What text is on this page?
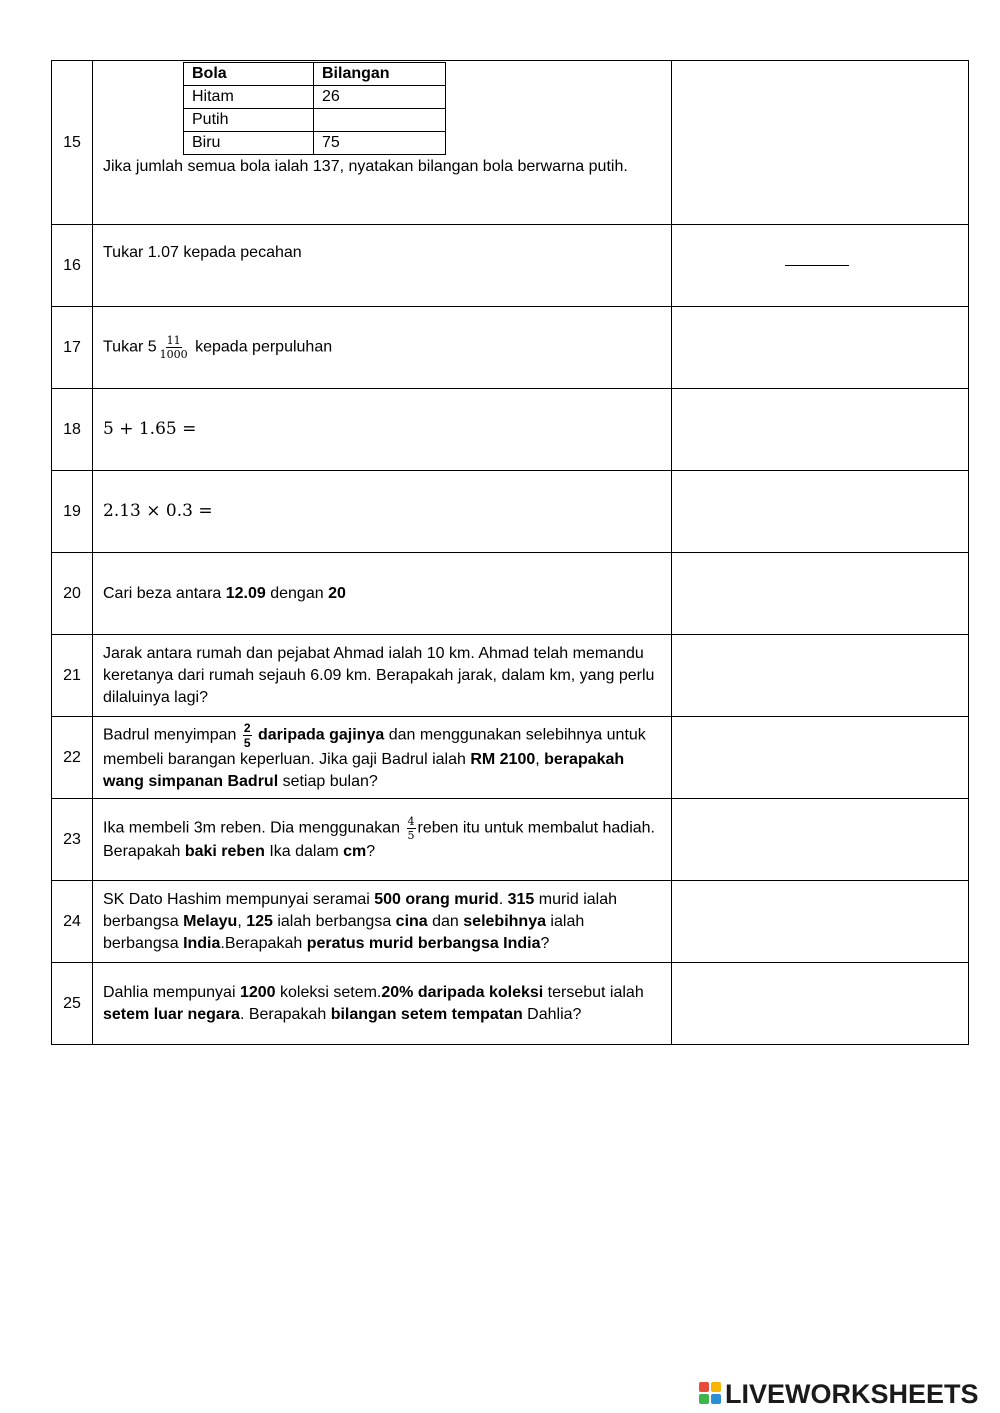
15	
Bola	Bilangan
Hitam	26
Putih	
Biru	75
Jika jumlah semua bola ialah 137, nyatakan bilangan bola berwarna putih.

16	Tukar 1.07 kepada pecahan	

17	Tukar $5 \frac{11}{1000}$ kepada perpuluhan	
18	5 + 1.65 =	
19	2.13 × 0.3 =	
20	Cari beza antara 12.09 dengan 20	
21	Jarak antara rumah dan pejabat Ahmad ialah 10 km. Ahmad telah memandu keretanya dari rumah sejauh 6.09 km. Berapakah jarak, dalam km, yang perlu dilaluinya lagi?	
22	Badrul menyimpan $\frac{2}{5}$ daripada gajinya dan menggunakan selebihnya untuk membeli barangan keperluan. Jika gaji Badrul ialah RM 2100, berapakah wang simpanan Badrul setiap bulan?	
23	Ika membeli 3m reben. Dia menggunakan $\frac{4}{5}$ reben itu untuk membalut hadiah. Berapakah baki reben Ika dalam cm?	
24	SK Dato Hashim mempunyai seramai 500 orang murid. 315 murid ialah berbangsa Melayu, 125 ialah berbangsa cina dan selebihnya ialah berbangsa India.Berapakah peratus murid berbangsa India?	
25	Dahlia mempunyai 1200 koleksi setem.20% daripada koleksi tersebut ialah setem luar negara. Berapakah bilangan setem tempatan Dahlia?	
LIVEWORKSHEETS
